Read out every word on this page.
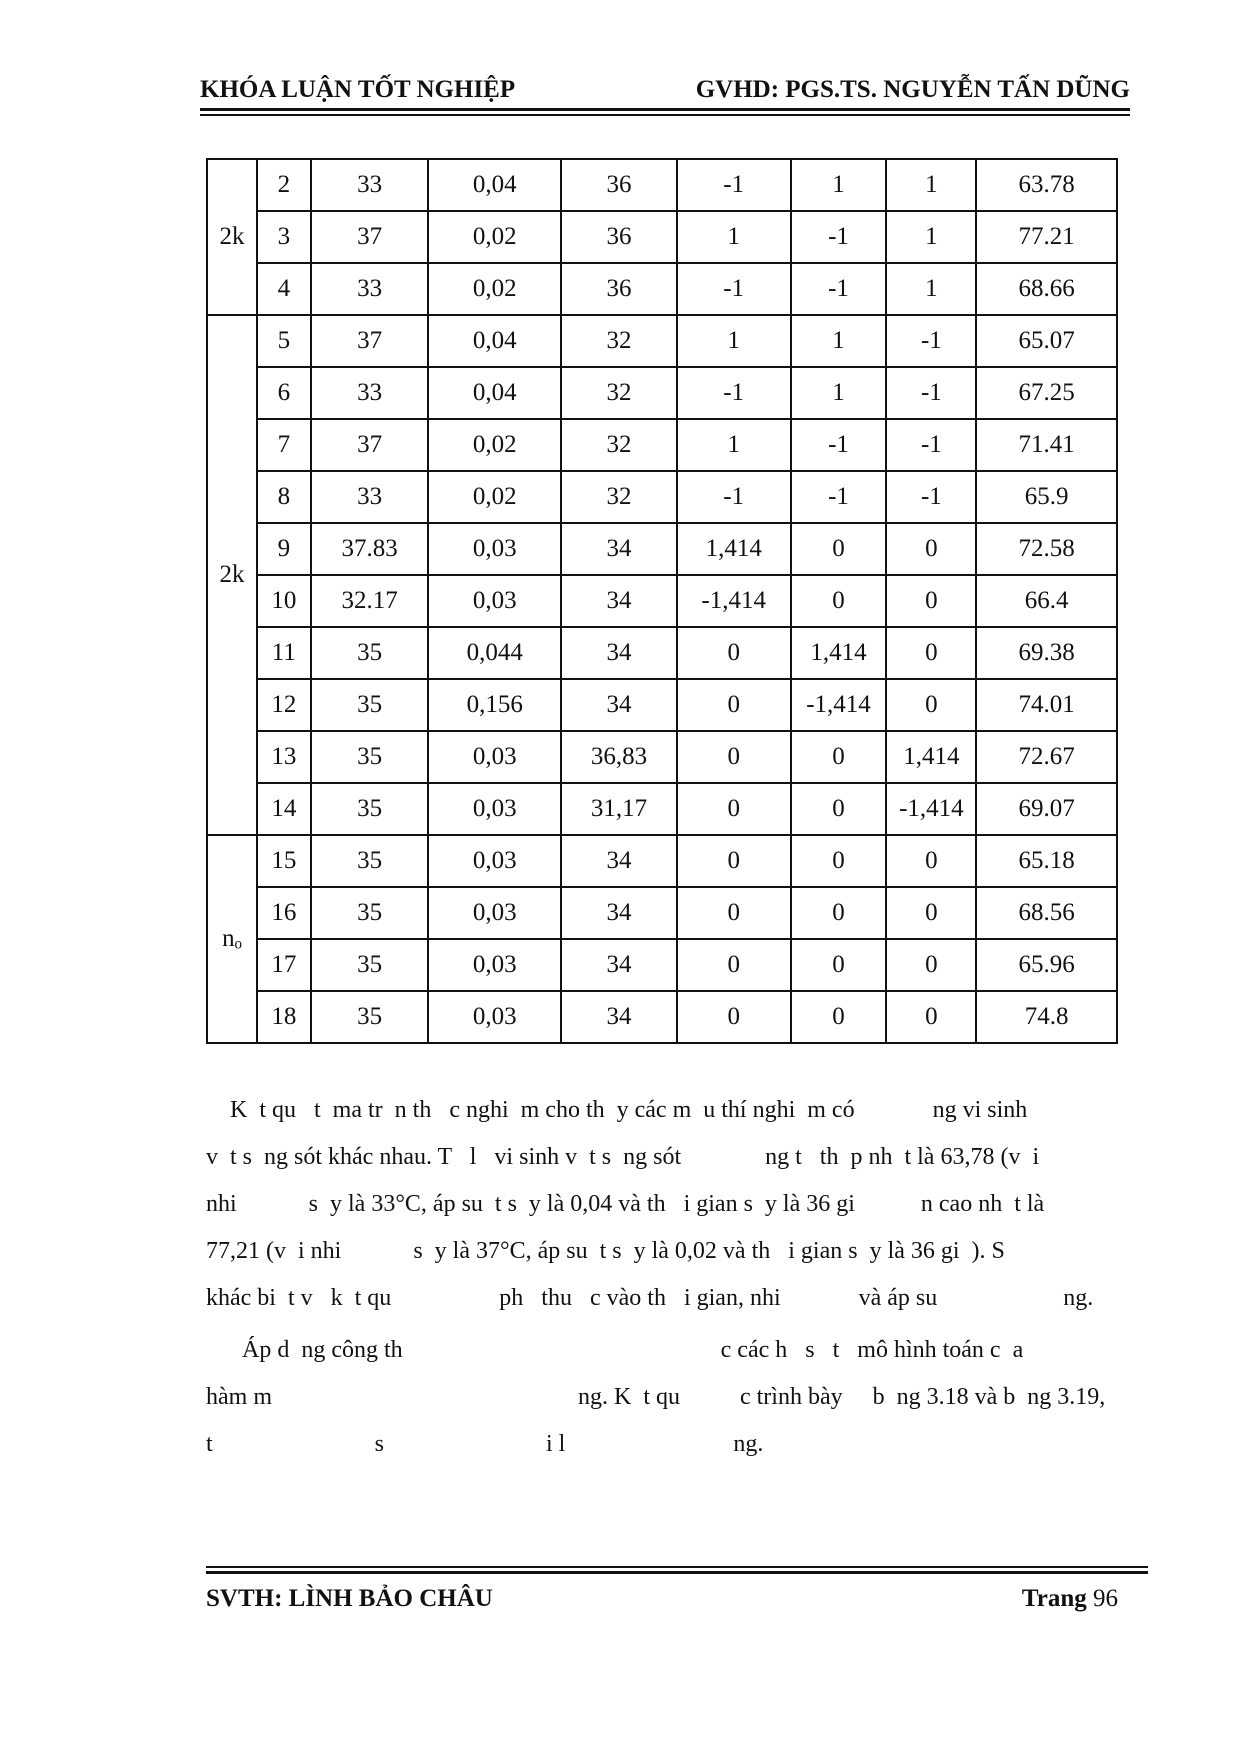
KHÓA LUẬN TỐT NGHIỆP	GVHD: PGS.TS. NGUYỄN TẤN DŨNG
2k	2	33	0,04	36	-1	1	1	63.78
	3	37	0,02	36	1	-1	1	77.21
	4	33	0,02	36	-1	-1	1	68.66
2k	5	37	0,04	32	1	1	-1	65.07
	6	33	0,04	32	-1	1	-1	67.25
	7	37	0,02	32	1	-1	-1	71.41
	8	33	0,02	32	-1	-1	-1	65.9
	9	37.83	0,03	34	1,414	0	0	72.58
	10	32.17	0,03	34	-1,414	0	0	66.4
	11	35	0,044	34	0	1,414	0	69.38
	12	35	0,156	34	0	-1,414	0	74.01
	13	35	0,03	36,83	0	0	1,414	72.67
	14	35	0,03	31,17	0	0	-1,414	69.07
nₒ	15	35	0,03	34	0	0	0	65.18
	16	35	0,03	34	0	0	0	68.56
	17	35	0,03	34	0	0	0	65.96
	18	35	0,03	34	0	0	0	74.8
K  t qu   t  ma tr  n th   c nghi  m cho th  y các m  u thí nghi  m có             ng vi sinh
v  t s  ng sót khác nhau. T   l   vi sinh v  t s  ng sót              ng t   th  p nh  t là 63,78 (v  i
nhi            s  y là 33°C, áp su  t s  y là 0,04 và th   i gian s  y là 36 gi           n cao nh  t là
77,21 (v  i nhi            s  y là 37°C, áp su  t s  y là 0,02 và th   i gian s  y là 36 gi  ). S
khác bi  t v   k  t qu                  ph   thu   c vào th   i gian, nhi             và áp su                     ng.
Áp d  ng công th                                                     c các h   s   t   mô hình toán c  a
hàm m                                                   ng. K  t qu          c trình bày     b  ng 3.18 và b  ng 3.19,
t                           s                           i l                            ng.
SVTH: LÌNH BẢO CHÂU	Trang 96
